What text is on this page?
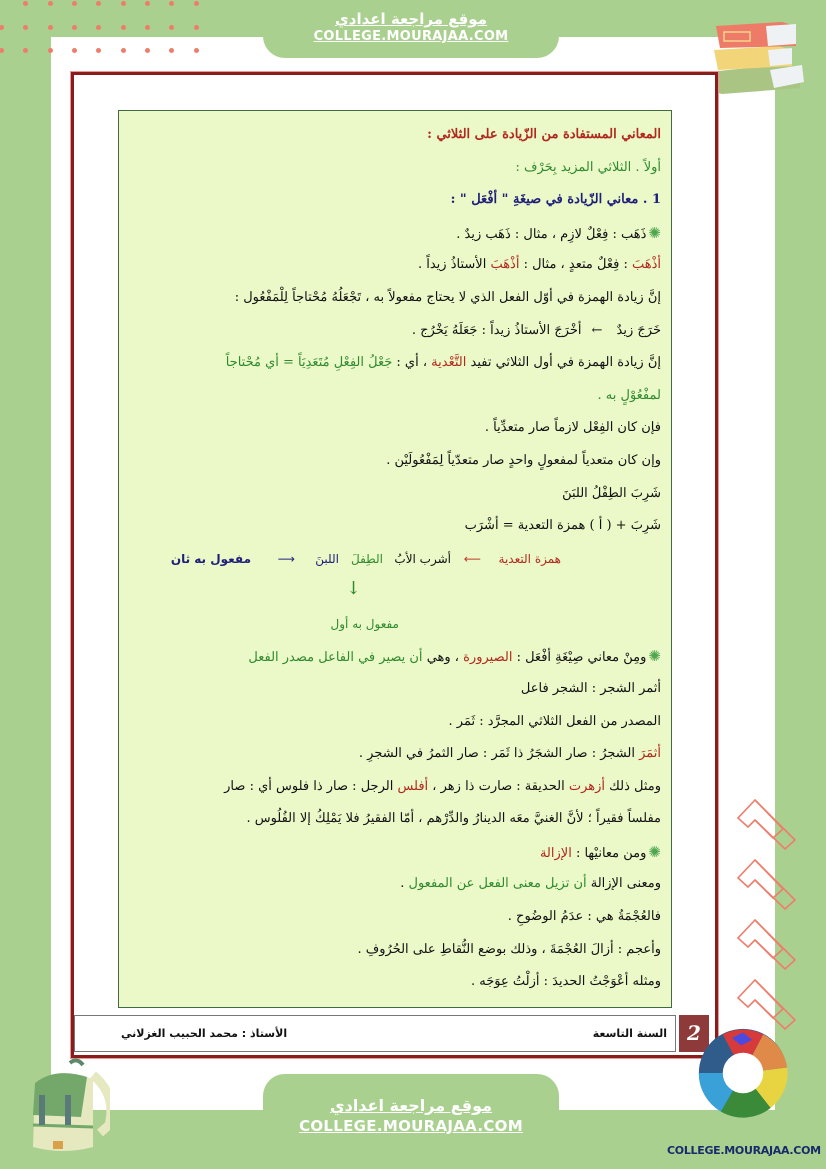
موقع مراجعة اعدادي
COLLEGE.MOURAJAA.COM
المعاني المستفادة من الزّيادة على الثلاثي :
أولاً . الثلاثي المزيد بِحَرْف :
1 . معاني الزّيادة في صيغَةِ " أفْعَل " :
✺ذَهَب : فِعْلٌ لازِم ، مثال : ذَهَب زيدٌ .
أذْهَبَ : فِعْلٌ متعدٍ ، مثال : أذْهَبَ الأستاذُ زيداً .
إنَّ زيادة الهمزة في أوّل الفعل الذي لا يحتاج مفعولاً به ، تَجْعَلُهُ مُحْتاجاً لِلْمَفْعُول :
خَرَجَ زيدٌ ←أخْرَجَ الأستاذُ زيداً : جَعَلَهُ يَخْرُج .
إنَّ زيادة الهمزة في أول الثلاثي تفيد التَّعْدية ، أي : جَعْلُ الفِعْلِ مُتَعَدِيَاً = أي مُحْتاجاً
لمفْعُوْلٍ به .
فإن كان الفِعْل لازماً صار متعدِّياً .
وإن كان متعدياً لمفعولٍ واحدٍ صار متعدّياً لِمَفْعُولَيْن .
شَرِبَ الطِفْلُ اللبَنَ
شَرِبَ + ( أ ) همزة التعدية = أشْرَب
همزة التعدية
⟵
أشرب الأبُ
الطِفلَ
اللبنَ
⟶
مفعول به ثان
↓
مفعول به أول
✺ومِنْ معاني صِيْغَةِ أفْعَل : الصيرورة ، وهي أن يصير في الفاعل مصدر الفعل
أثمر الشجر : الشجر فاعل
المصدر من الفعل الثلاثي المجرَّد : ثَمَر .
أثمَرَ الشجرُ : صار الشجَرُ ذا ثَمَر : صار الثمرُ في الشجرِ .
ومثل ذلك أزهرت الحديقة : صارت ذا زهر ، أفلس الرجل : صار ذا فلوس أي : صار
مفلساً فقيراً ؛ لأنَّ الغنيَّ معَه الدينارُ والدِّرْهم ، أمّا الفقيرُ فلا يَمْلِكُ إلا الفُلُوس .
✺ومن معانيْها : الإزالة
ومعنى الإزالة أن تزيل معنى الفعل عن المفعول .
فالعُجْمَةُ هي : عدَمُ الوضُوحِ .
وأعجم : أزالَ العُجْمَةَ ، وذلك بوضع النُّقاطِ على الحُرُوفِ .
ومثله أعْوَجْتُ الحديدَ : أزلْتُ عِوَجَه .
السنة التاسعة
الأستاذ : محمد الحبيب الغزلاني	2
موقع مراجعة اعدادي
COLLEGE.MOURAJAA.COM
COLLEGE.MOURAJAA.COM
